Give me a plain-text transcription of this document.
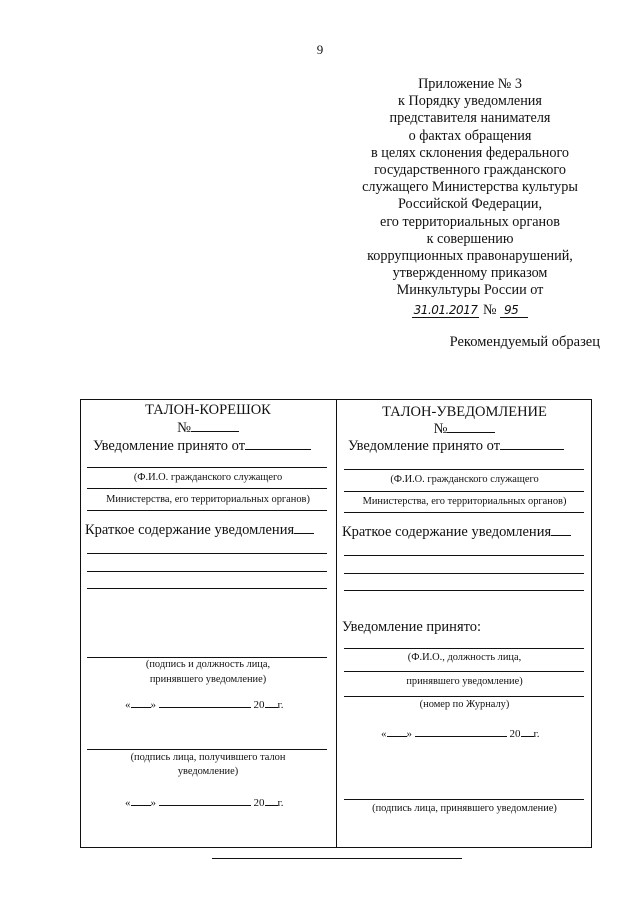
9
Приложение № 3
к Порядку уведомления
представителя нанимателя
о фактах обращения
в целях склонения федерального
государственного гражданского
служащего Министерства культуры
Российской Федерации,
его территориальных органов
к совершению
коррупционных правонарушений,
утвержденному приказом
Минкультуры России от
31.01.2017 № 95
Рекомендуемый образец
ТАЛОН-КОРЕШОК
№
Уведомление принято от
(Ф.И.О. гражданского служащего
Министерства, его территориальных органов)
Краткое содержание уведомления
(подпись и должность лица,
принявшего уведомление)
« »	20 г.
(подпись лица, получившего талон
уведомление)
« »	20 г.
ТАЛОН-УВЕДОМЛЕНИЕ
№
Уведомление принято от
(Ф.И.О. гражданского служащего
Министерства, его территориальных органов)
Краткое содержание уведомления
Уведомление принято:
(Ф.И.О., должность лица,
принявшего уведомление)
(номер по Журналу)
« »	20 г.
(подпись лица, принявшего уведомление)
